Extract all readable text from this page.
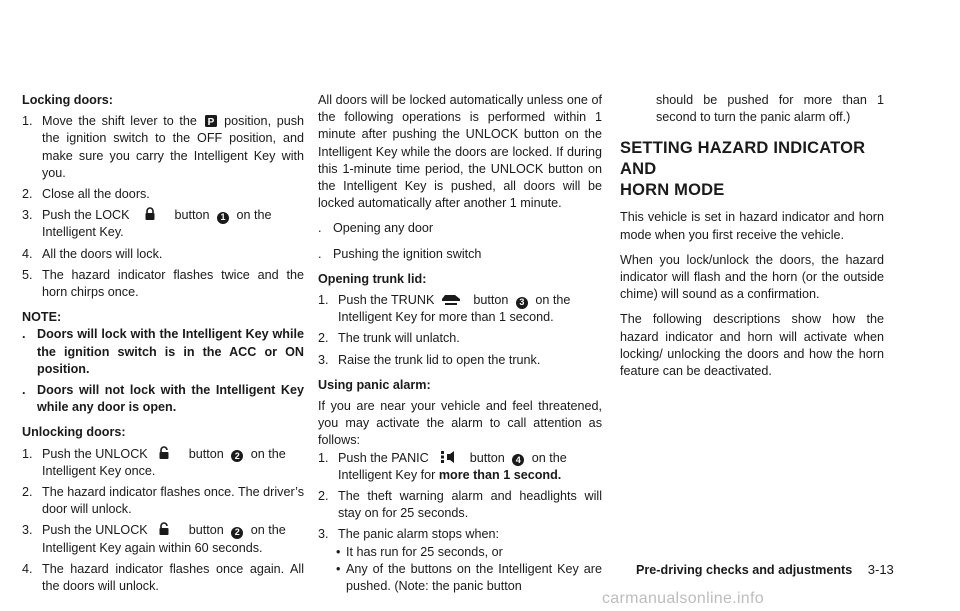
Locking doors:

1. Move the shift lever to the P position, push the ignition switch to the OFF position, and make sure you carry the Intelligent Key with you.
2. Close all the doors.
3. Push the LOCK	button 1 on the Intelligent Key.
4. All the doors will lock.
5. The hazard indicator flashes twice and the horn chirps once.

NOTE:

. Doors will lock with the Intelligent Key while the ignition switch is in the ACC or ON position.
. Doors will not lock with the Intelligent Key while any door is open.

Unlocking doors:

1. Push the UNLOCK	button 2 on the Intelligent Key once.
2. The hazard indicator flashes once. The driver’s door will unlock.
3. Push the UNLOCK	button 2 on the Intelligent Key again within 60 seconds.
4. The hazard indicator flashes once again. All the doors will unlock.

All doors will be locked automatically unless one of the following operations is performed within 1 minute after pushing the UNLOCK button on the Intelligent Key while the doors are locked. If during this 1-minute time period, the UNLOCK button on the Intelligent Key is pushed, all doors will be locked automatically after another 1 minute.

. Opening any door
. Pushing the ignition switch

Opening trunk lid:

1. Push the TRUNK	button 3 on the Intelligent Key for more than 1 second.
2. The trunk will unlatch.
3. Raise the trunk lid to open the trunk.

Using panic alarm:

If you are near your vehicle and feel threatened, you may activate the alarm to call attention as follows:

1. Push the PANIC	button 4 on the Intelligent Key for more than 1 second.
2. The theft warning alarm and headlights will stay on for 25 seconds.
3. The panic alarm stops when:
• It has run for 25 seconds, or
• Any of the buttons on the Intelligent Key are pushed. (Note: the panic button

should be pushed for more than 1 second to turn the panic alarm off.)

SETTING HAZARD INDICATOR AND
HORN MODE

This vehicle is set in hazard indicator and horn mode when you first receive the vehicle.

When you lock/unlock the doors, the hazard indicator will flash and the horn (or the outside chime) will sound as a confirmation.

The following descriptions show how the hazard indicator and horn will activate when locking/ unlocking the doors and how the horn feature can be deactivated.

Pre-driving checks and adjustments 3-13
carmanualsonline.info
